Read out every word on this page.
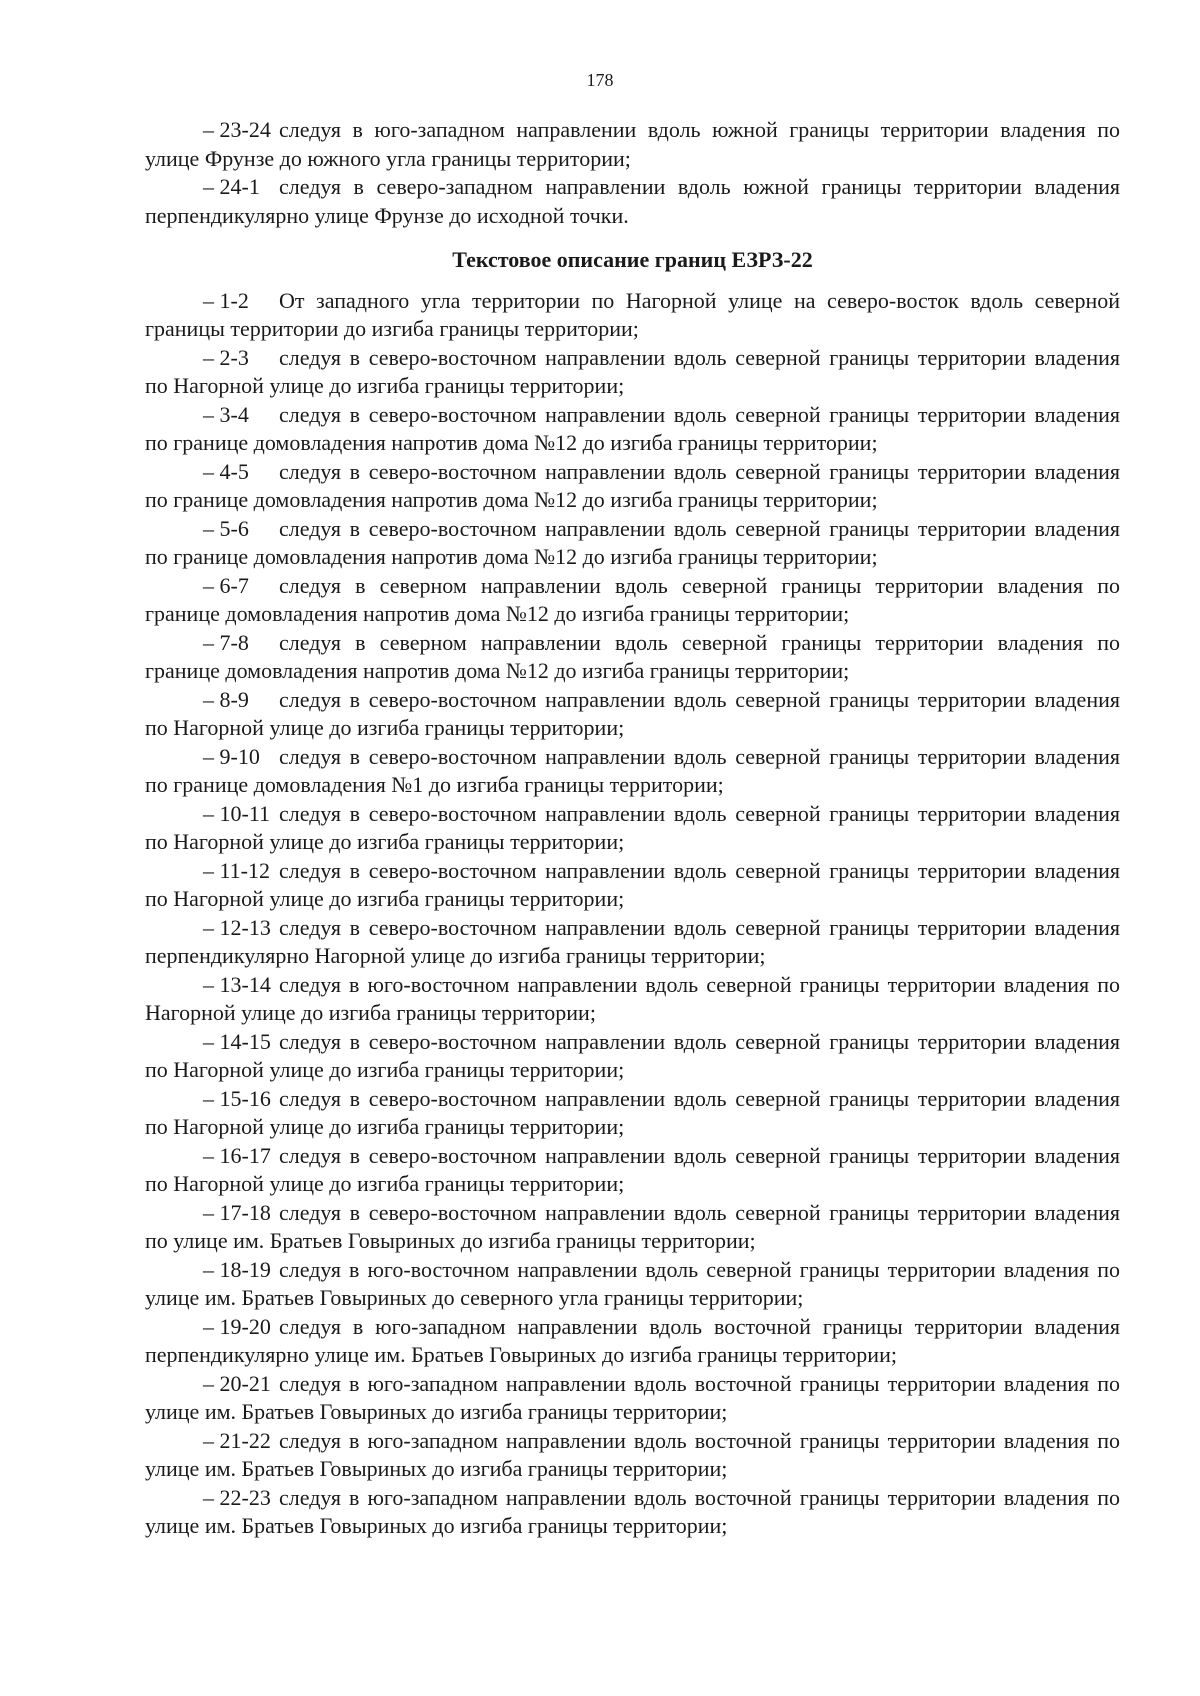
178

– 23-24 следуя в юго-западном направлении вдоль южной границы территории владения по улице Фрунзе до южного угла границы территории;

– 24-1 следуя в северо-западном направлении вдоль южной границы территории владения перпендикулярно улице Фрунзе до исходной точки.

Текстовое описание границ ЕЗРЗ-22

– 1-2 От западного угла территории по Нагорной улице на северо-восток вдоль северной границы территории до изгиба границы территории;

– 2-3 следуя в северо-восточном направлении вдоль северной границы территории владения по Нагорной улице до изгиба границы территории;

– 3-4 следуя в северо-восточном направлении вдоль северной границы территории владения по границе домовладения напротив дома №12 до изгиба границы территории;

– 4-5 следуя в северо-восточном направлении вдоль северной границы территории владения по границе домовладения напротив дома №12 до изгиба границы территории;

– 5-6 следуя в северо-восточном направлении вдоль северной границы территории владения по границе домовладения напротив дома №12 до изгиба границы территории;

– 6-7 следуя в северном направлении вдоль северной границы территории владения по границе домовладения напротив дома №12 до изгиба границы территории;

– 7-8 следуя в северном направлении вдоль северной границы территории владения по границе домовладения напротив дома №12 до изгиба границы территории;

– 8-9 следуя в северо-восточном направлении вдоль северной границы территории владения по Нагорной улице до изгиба границы территории;

– 9-10 следуя в северо-восточном направлении вдоль северной границы территории владения по границе домовладения №1 до изгиба границы территории;

– 10-11 следуя в северо-восточном направлении вдоль северной границы территории владения по Нагорной улице до изгиба границы территории;

– 11-12 следуя в северо-восточном направлении вдоль северной границы территории владения по Нагорной улице до изгиба границы территории;

– 12-13 следуя в северо-восточном направлении вдоль северной границы территории владения перпендикулярно Нагорной улице до изгиба границы территории;

– 13-14 следуя в юго-восточном направлении вдоль северной границы территории владения по Нагорной улице до изгиба границы территории;

– 14-15 следуя в северо-восточном направлении вдоль северной границы территории владения по Нагорной улице до изгиба границы территории;

– 15-16 следуя в северо-восточном направлении вдоль северной границы территории владения по Нагорной улице до изгиба границы территории;

– 16-17 следуя в северо-восточном направлении вдоль северной границы территории владения по Нагорной улице до изгиба границы территории;

– 17-18 следуя в северо-восточном направлении вдоль северной границы территории владения по улице им. Братьев Говыриных до изгиба границы территории;

– 18-19 следуя в юго-восточном направлении вдоль северной границы территории владения по улице им. Братьев Говыриных до северного угла границы территории;

– 19-20 следуя в юго-западном направлении вдоль восточной границы территории владения перпендикулярно улице им. Братьев Говыриных до изгиба границы территории;

– 20-21 следуя в юго-западном направлении вдоль восточной границы территории владения по улице им. Братьев Говыриных до изгиба границы территории;

– 21-22 следуя в юго-западном направлении вдоль восточной границы территории владения по улице им. Братьев Говыриных до изгиба границы территории;

– 22-23 следуя в юго-западном направлении вдоль восточной границы территории владения по улице им. Братьев Говыриных до изгиба границы территории;
